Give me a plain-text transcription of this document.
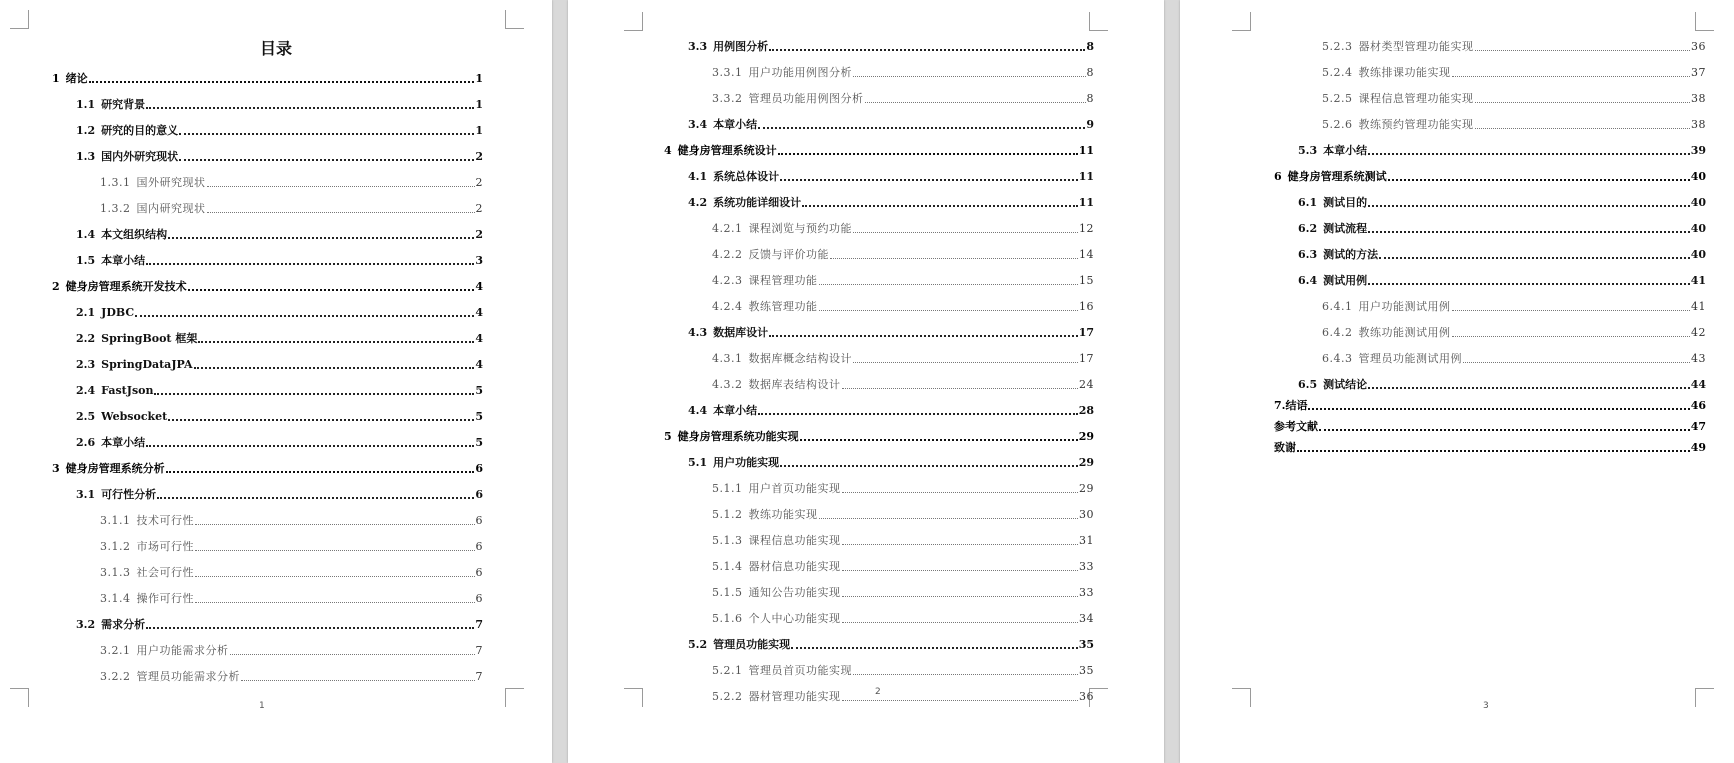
目录
1 绪论	1
1.1 研究背景	1
1.2 研究的目的意义	1
1.3 国内外研究现状	2
1.3.1 国外研究现状	2
1.3.2 国内研究现状	2
1.4 本文组织结构	2
1.5 本章小结	3
2 健身房管理系统开发技术	4
2.1 JDBC	4
2.2 SpringBoot 框架	4
2.3 SpringDataJPA	4
2.4 FastJson	5
2.5 Websocket	5
2.6 本章小结	5
3 健身房管理系统分析	6
3.1 可行性分析	6
3.1.1 技术可行性	6
3.1.2 市场可行性	6
3.1.3 社会可行性	6
3.1.4 操作可行性	6
3.2 需求分析	7
3.2.1 用户功能需求分析	7
3.2.2 管理员功能需求分析	7
1
3.3 用例图分析	8
3.3.1 用户功能用例图分析	8
3.3.2 管理员功能用例图分析	8
3.4 本章小结	9
4 健身房管理系统设计	11
4.1 系统总体设计	11
4.2 系统功能详细设计	11
4.2.1 课程浏览与预约功能	12
4.2.2 反馈与评价功能	14
4.2.3 课程管理功能	15
4.2.4 教练管理功能	16
4.3 数据库设计	17
4.3.1 数据库概念结构设计	17
4.3.2 数据库表结构设计	24
4.4 本章小结	28
5 健身房管理系统功能实现	29
5.1 用户功能实现	29
5.1.1 用户首页功能实现	29
5.1.2 教练功能实现	30
5.1.3 课程信息功能实现	31
5.1.4 器材信息功能实现	33
5.1.5 通知公告功能实现	33
5.1.6 个人中心功能实现	34
5.2 管理员功能实现	35
5.2.1 管理员首页功能实现	35
5.2.2 器材管理功能实现	36
2
5.2.3 器材类型管理功能实现	36
5.2.4 教练排课功能实现	37
5.2.5 课程信息管理功能实现	38
5.2.6 教练预约管理功能实现	38
5.3 本章小结	39
6 健身房管理系统测试	40
6.1 测试目的	40
6.2 测试流程	40
6.3 测试的方法	40
6.4 测试用例	41
6.4.1 用户功能测试用例	41
6.4.2 教练功能测试用例	42
6.4.3 管理员功能测试用例	43
6.5 测试结论	44
7.结语	46
参考文献	47
致谢	49
3
